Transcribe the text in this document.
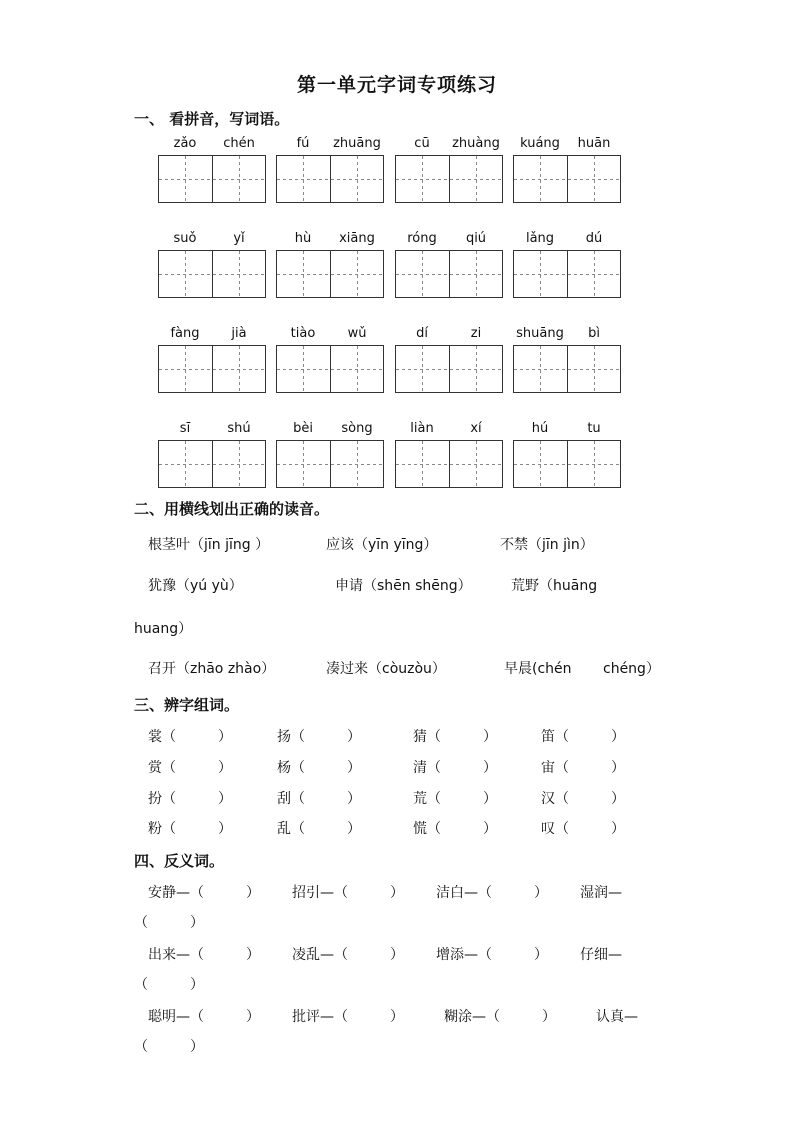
第一单元字词专项练习
一、 看拼音，写词语。
zǎo	chén	fú	zhuāng	cū	zhuàng	kuáng	huān
suǒ	yǐ	hù	xiāng	róng	qiú	lǎng	dú
fàng	jià	tiào	wǔ	dí	zi	shuāng	bì
sī	shú	bèi	sòng	liàn	xí	hú	tu
二、用横线划出正确的读音。
根茎叶（jīn jīng ）	应该（yīn yīng）	不禁（jīn jìn）
犹豫（yú yù）	申请（shēn shēng）	荒野（huāng
huang）
召开（zhāo zhào）	凑过来（còuzòu）	早晨(chén chéng）
三、辨字组词。
裳（　　　）	扬（　　　）	猜（　　　）	笛（　　　）
赏（　　　）	杨（　　　）	清（　　　）	宙（　　　）
扮（　　　）	刮（　　　）	荒（　　　）	汉（　　　）
粉（　　　）	乱（　　　）	慌（　　　）	叹（　　　）
四、反义词。
安静—（　　　） 招引—（　　　） 洁白—（　　　） 湿润—
（　　　）
出来—（　　　） 凌乱—（　　　） 增添—（　　　） 仔细—
（　　　）
聪明—（　　　） 批评—（　　　）	糊涂—（　　　）	认真—
（　　　）
